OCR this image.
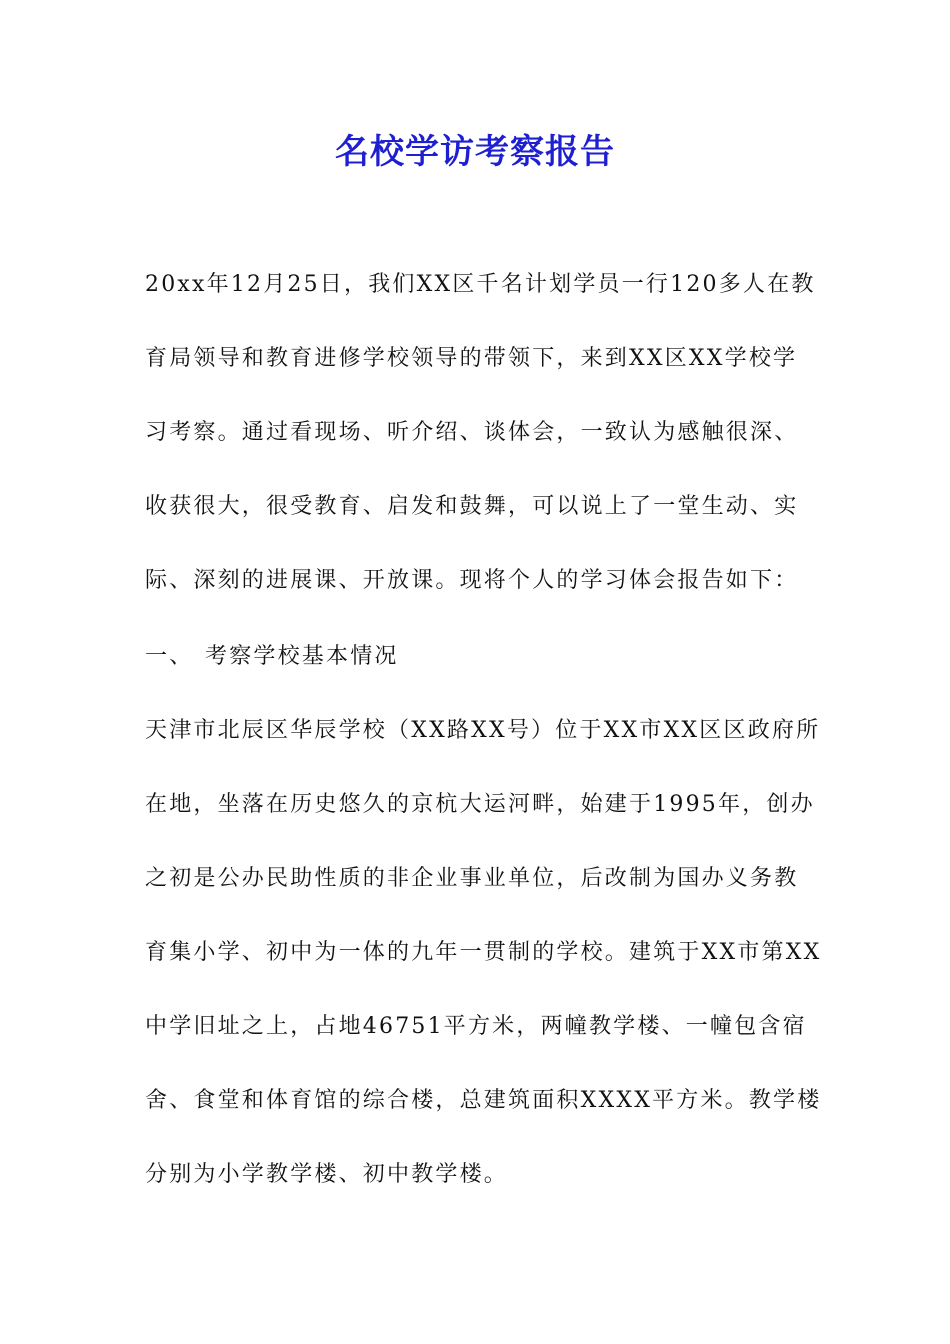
名校学访考察报告
20xx年12月25日，我们XX区千名计划学员一行120多人在教
育局领导和教育进修学校领导的带领下，来到XX区XX学校学
习考察。通过看现场、听介绍、谈体会，一致认为感触很深、
收获很大，很受教育、启发和鼓舞，可以说上了一堂生动、实
际、深刻的进展课、开放课。现将个人的学习体会报告如下：
一、 考察学校基本情况
天津市北辰区华辰学校（XX路XX号）位于XX市XX区区政府所
在地，坐落在历史悠久的京杭大运河畔，始建于1995年，创办
之初是公办民助性质的非企业事业单位，后改制为国办义务教
育集小学、初中为一体的九年一贯制的学校。建筑于XX市第XX
中学旧址之上，占地46751平方米，两幢教学楼、一幢包含宿
舍、食堂和体育馆的综合楼，总建筑面积XXXX平方米。教学楼
分别为小学教学楼、初中教学楼。
